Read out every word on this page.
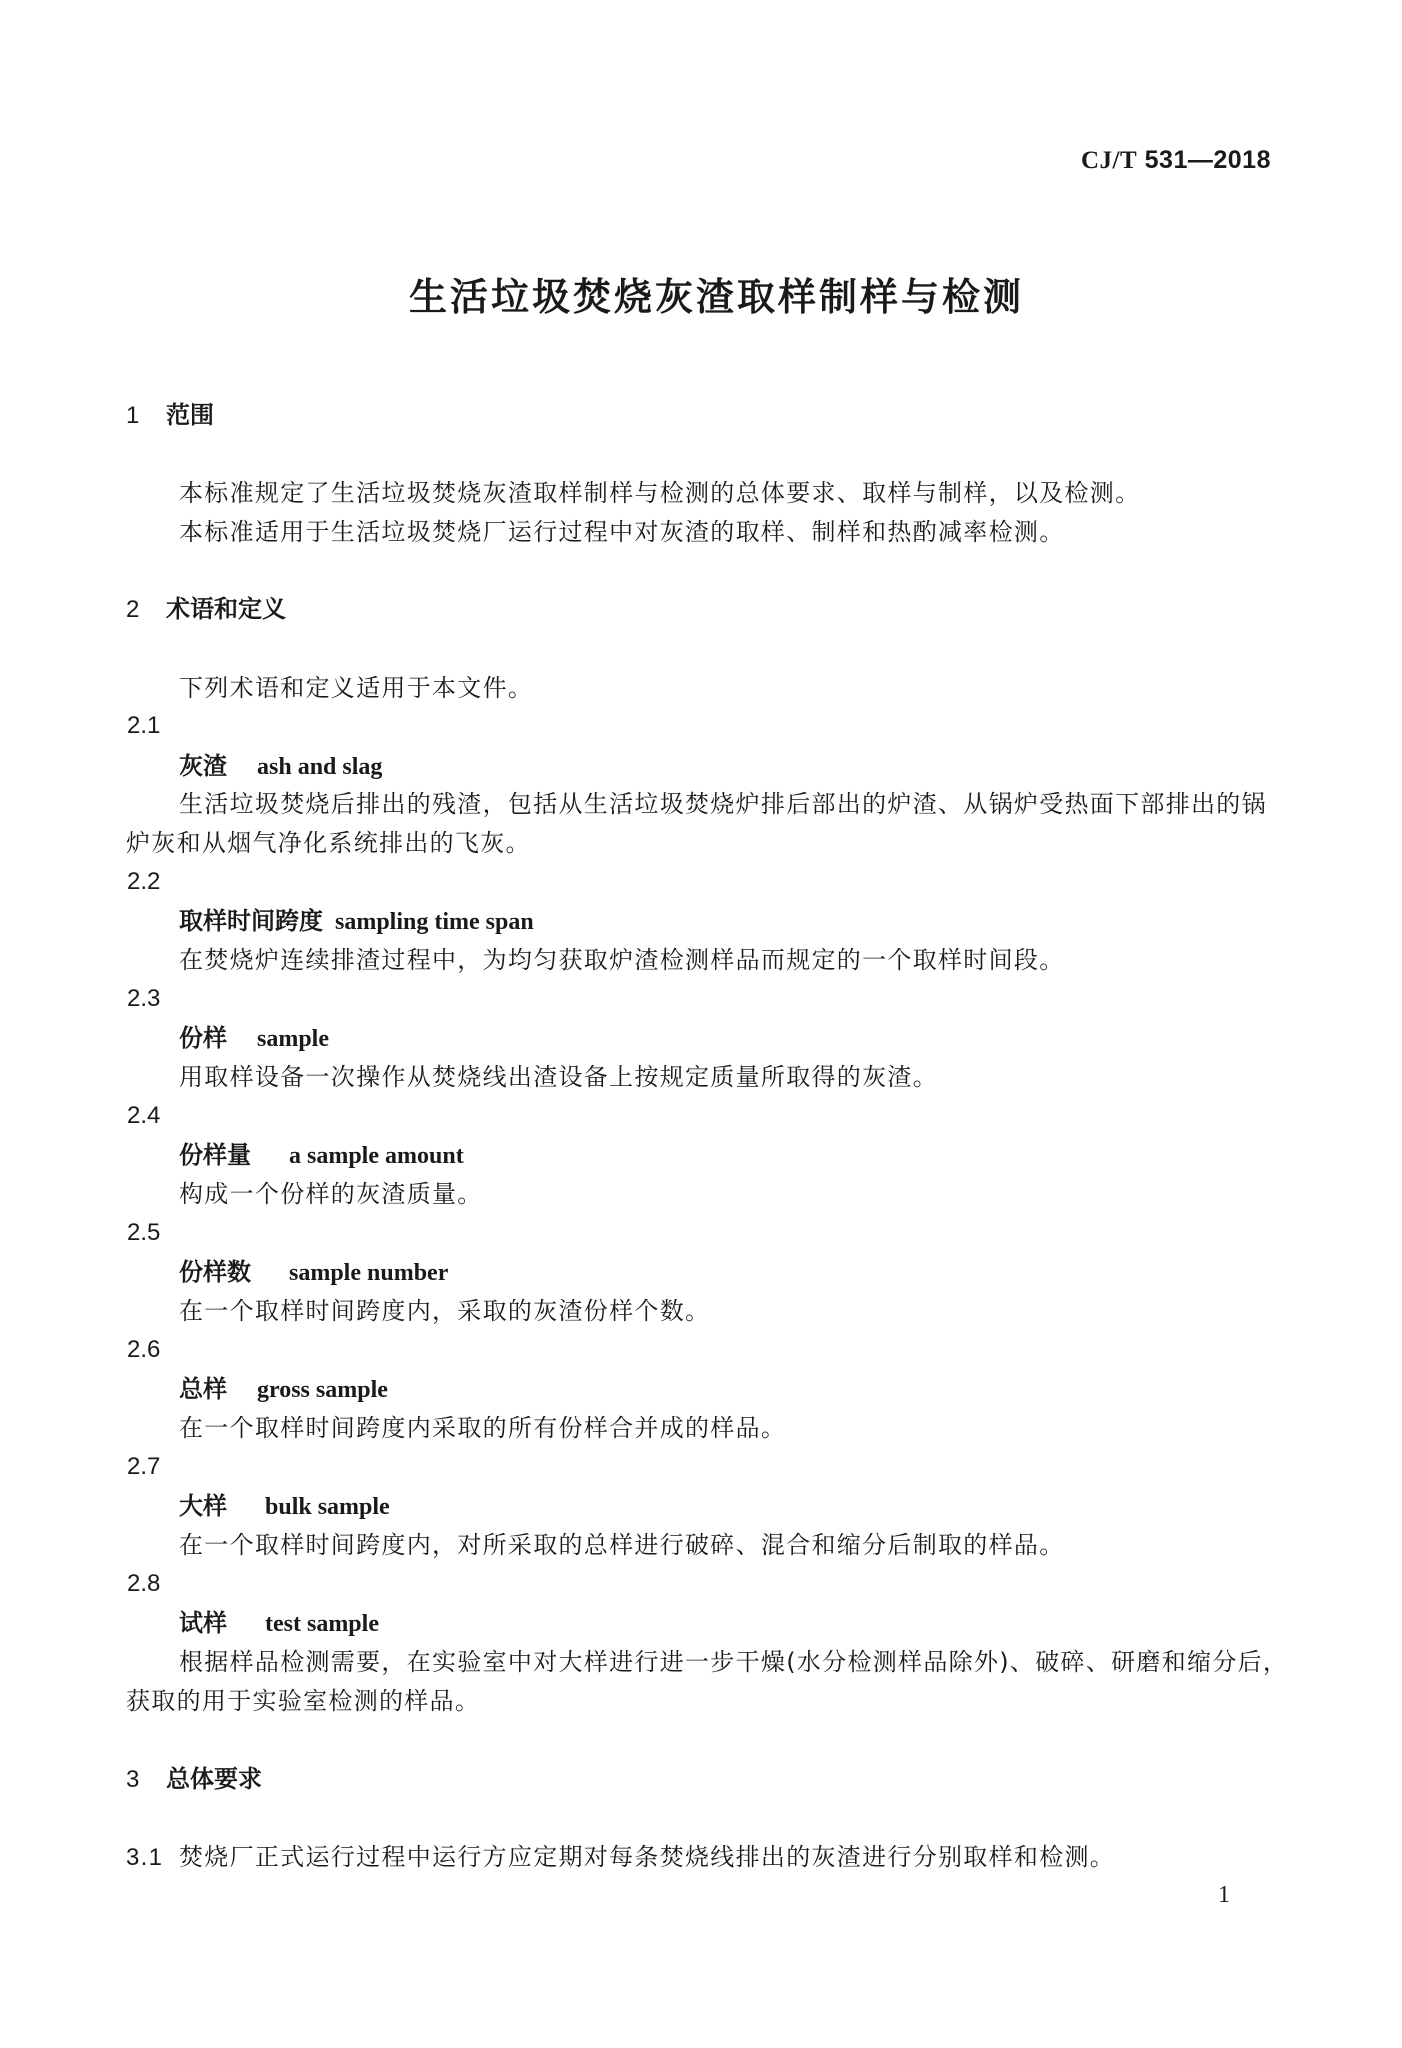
CJ/T 531—2018
生活垃圾焚烧灰渣取样制样与检测
1 范围
本标准规定了生活垃圾焚烧灰渣取样制样与检测的总体要求、取样与制样，以及检测。
本标准适用于生活垃圾焚烧厂运行过程中对灰渣的取样、制样和热酌减率检测。
2 术语和定义
下列术语和定义适用于本文件。
2.1
灰渣 ash and slag
生活垃圾焚烧后排出的残渣，包括从生活垃圾焚烧炉排后部出的炉渣、从锅炉受热面下部排出的锅
炉灰和从烟气净化系统排出的飞灰。
2.2
取样时间跨度 sampling time span
在焚烧炉连续排渣过程中，为均匀获取炉渣检测样品而规定的一个取样时间段。
2.3
份样 sample
用取样设备一次操作从焚烧线出渣设备上按规定质量所取得的灰渣。
2.4
份样量 a sample amount
构成一个份样的灰渣质量。
2.5
份样数 sample number
在一个取样时间跨度内，采取的灰渣份样个数。
2.6
总样 gross sample
在一个取样时间跨度内采取的所有份样合并成的样品。
2.7
大样 bulk sample
在一个取样时间跨度内，对所采取的总样进行破碎、混合和缩分后制取的样品。
2.8
试样 test sample
根据样品检测需要，在实验室中对大样进行进一步干燥(水分检测样品除外)、破碎、研磨和缩分后，
获取的用于实验室检测的样品。
3 总体要求
3.1 焚烧厂正式运行过程中运行方应定期对每条焚烧线排出的灰渣进行分别取样和检测。
1
